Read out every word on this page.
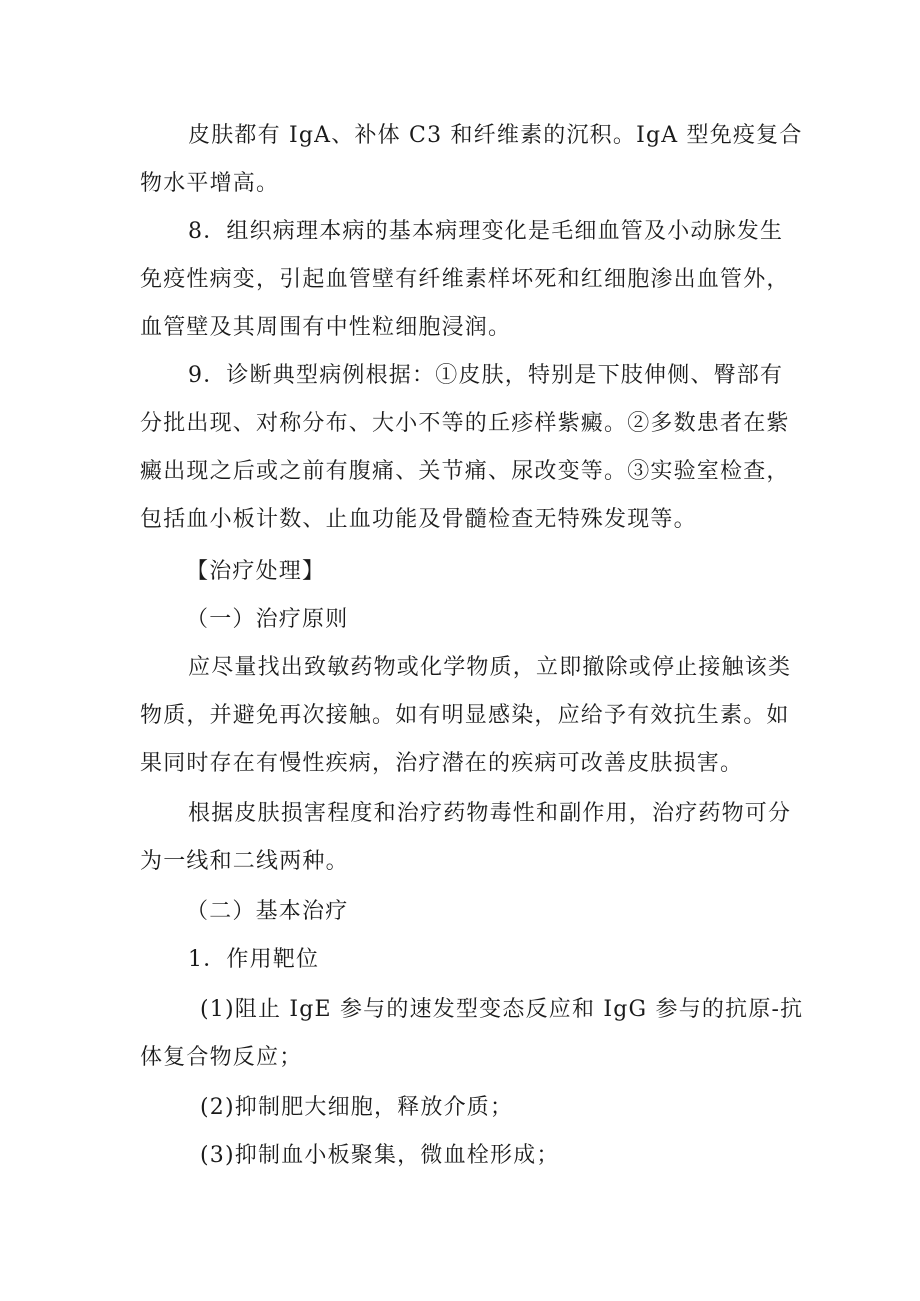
皮肤都有 IgA、补体 C3 和纤维素的沉积。IgA 型免疫复合
物水平增高。
8．组织病理本病的基本病理变化是毛细血管及小动脉发生
免疫性病变，引起血管壁有纤维素样坏死和红细胞渗出血管外，
血管壁及其周围有中性粒细胞浸润。
9．诊断典型病例根据：①皮肤，特别是下肢伸侧、臀部有
分批出现、对称分布、大小不等的丘疹样紫癜。②多数患者在紫
癜出现之后或之前有腹痛、关节痛、尿改变等。③实验室检查，
包括血小板计数、止血功能及骨髓检查无特殊发现等。
【治疗处理】
（一）治疗原则
应尽量找出致敏药物或化学物质，立即撤除或停止接触该类
物质，并避免再次接触。如有明显感染，应给予有效抗生素。如
果同时存在有慢性疾病，治疗潜在的疾病可改善皮肤损害。
根据皮肤损害程度和治疗药物毒性和副作用，治疗药物可分
为一线和二线两种。
（二）基本治疗
1．作用靶位
(1)阻止 IgE 参与的速发型变态反应和 IgG 参与的抗原-抗
体复合物反应；
(2)抑制肥大细胞，释放介质；
(3)抑制血小板聚集，微血栓形成；
